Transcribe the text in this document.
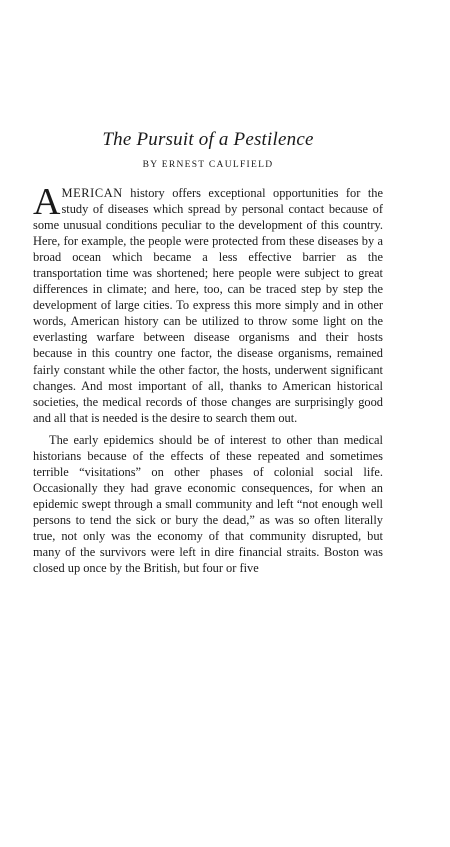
The Pursuit of a Pestilence
BY ERNEST CAULFIELD

AMERICAN history offers exceptional opportunities for the study of diseases which spread by personal contact because of some unusual conditions peculiar to the development of this country. Here, for example, the people were protected from these diseases by a broad ocean which became a less effective barrier as the transportation time was shortened; here people were subject to great differences in climate; and here, too, can be traced step by step the development of large cities. To express this more simply and in other words, American history can be utilized to throw some light on the everlasting warfare between disease organisms and their hosts because in this country one factor, the disease organisms, remained fairly constant while the other factor, the hosts, underwent significant changes. And most important of all, thanks to American historical societies, the medical records of those changes are surprisingly good and all that is needed is the desire to search them out.

The early epidemics should be of interest to other than medical historians because of the effects of these repeated and sometimes terrible “visitations” on other phases of colonial social life. Occasionally they had grave economic consequences, for when an epidemic swept through a small community and left “not enough well persons to tend the sick or bury the dead,” as was so often literally true, not only was the economy of that community disrupted, but many of the survivors were left in dire financial straits. Boston was closed up once by the British, but four or five
